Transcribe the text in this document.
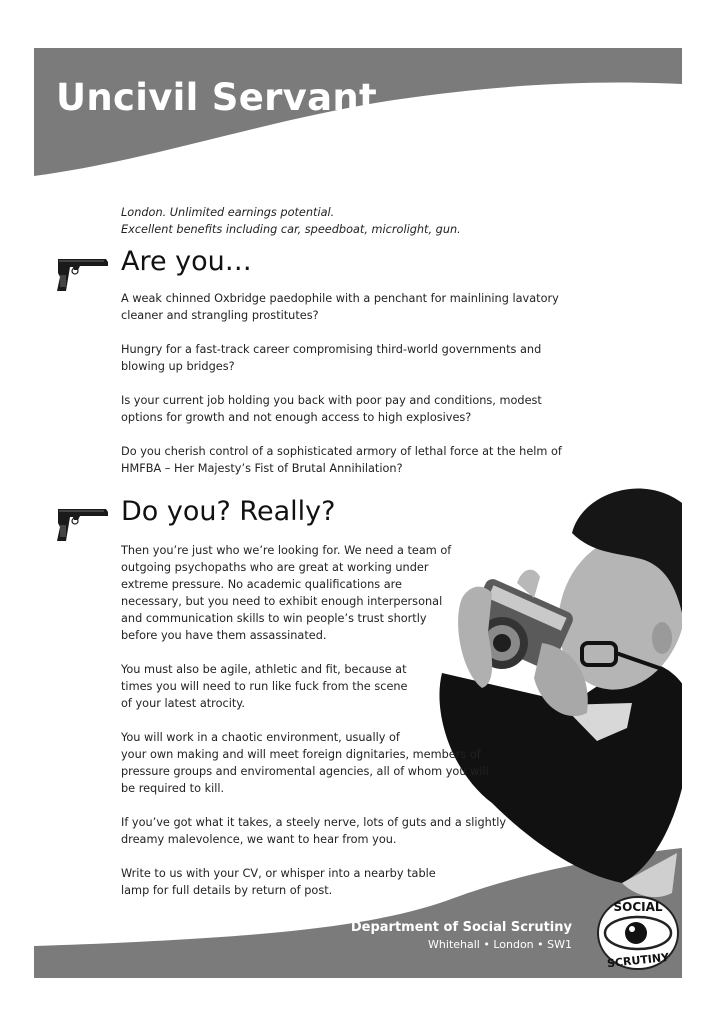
Uncivil Servant.
London. Unlimited earnings potential.
Excellent benefits including car, speedboat, microlight, gun.
Are you…

A weak chinned Oxbridge paedophile with a penchant for mainlining lavatory
cleaner and strangling prostitutes?

Hungry for a fast-track career compromising third-world governments and
blowing up bridges?

Is your current job holding you back with poor pay and conditions, modest
options for growth and not enough access to high explosives?

Do you cherish control of a sophisticated armory of lethal force at the helm of
HMFBA – Her Majesty’s Fist of Brutal Annihilation?

Do you? Really?

Then you’re just who we’re looking for. We need a team of
outgoing psychopaths who are great at working under
extreme pressure. No academic qualifications are
necessary, but you need to exhibit enough interpersonal
and communication skills to win people’s trust shortly
before you have them assassinated.

You must also be agile, athletic and fit, because at
times you will need to run like fuck from the scene
of your latest atrocity.

You will work in a chaotic environment, usually of
your own making and will meet foreign dignitaries, members of
pressure groups and enviromental agencies, all of whom you will
be required to kill.

If you’ve got what it takes, a steely nerve, lots of guts and a slightly
dreamy malevolence, we want to hear from you.

Write to us with your CV, or whisper into a nearby table
lamp for full details by return of post.

Department of Social Scrutiny
Whitehall • London • SW1
SOCIAL
SCRUTINY
